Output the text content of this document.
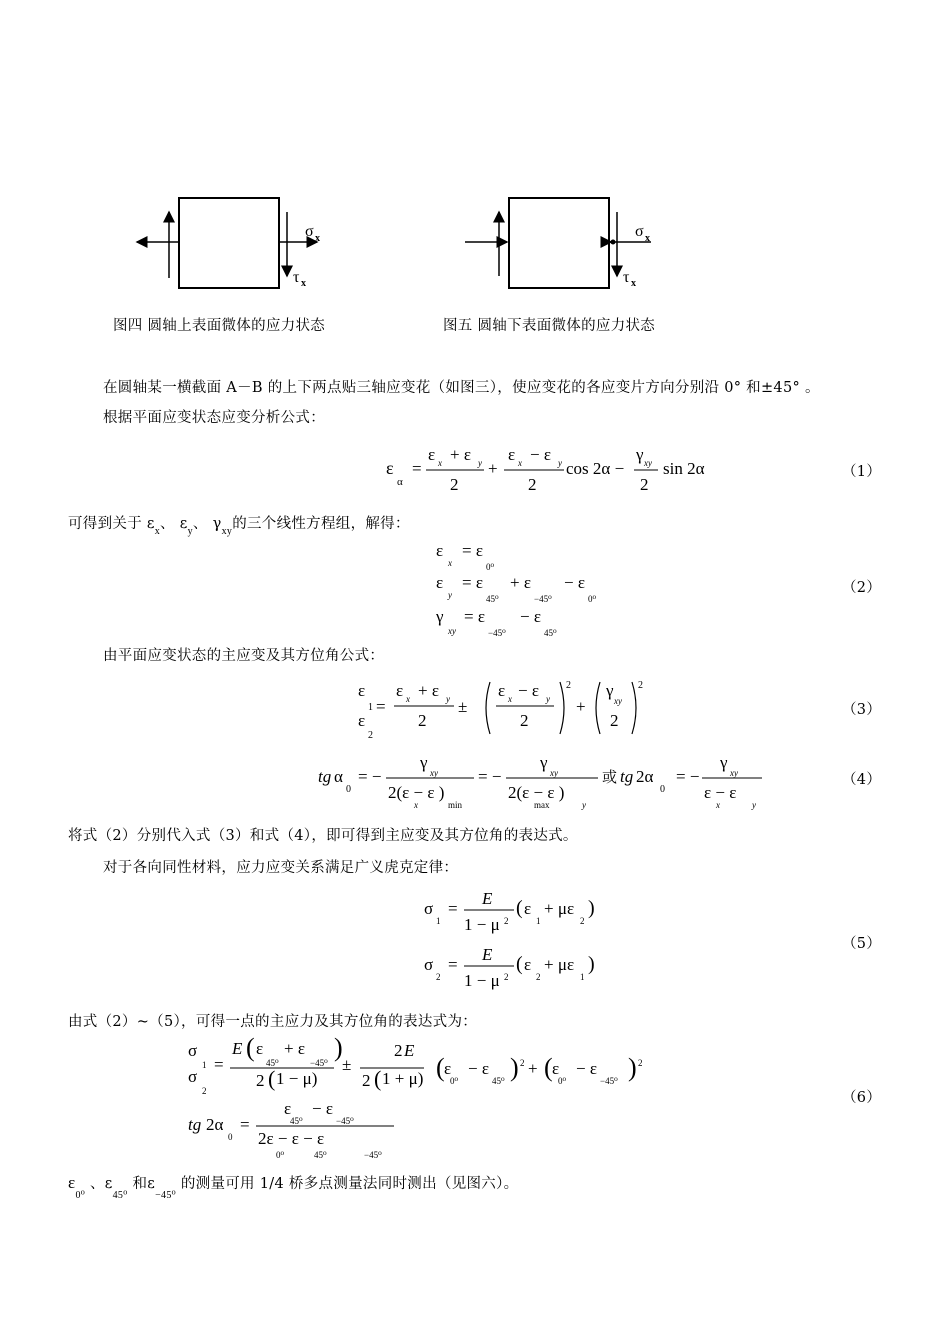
σ x
τ x
图四 圆轴上表面微体的应力状态
σ x
τ x
图五 圆轴下表面微体的应力状态
在圆轴某一横截面 A－B 的上下两点贴三轴应变花（如图三），使应变花的各应变片方向分别沿 0° 和±45° 。
根据平面应变状态应变分析公式：
ε
α
=
ε + ε
x	y
2
+
ε − ε
x	y
2
cos 2α −
γ xy
2
sin 2α	（1）
可得到关于 $\varepsilon_x$、 $\varepsilon_y$、 $\gamma_{xy}$的三个线性方程组，解得：
ε
x
= ε
0⁰
ε
y
= ε
45⁰
+ ε
−45⁰
− ε
0⁰
γ
xy
= ε
−45⁰
− ε
45⁰
（2）
由平面应变状态的主应变及其方位角公式：
ε
1
ε
2
=
ε + ε
x	y
2
±
ε − ε
x	y
2
2
+
γ
xy
2
2
（3）
tg α
0
= −
γ
xy
2(ε − ε )
x	min
= −
γ
xy
2(ε − ε )
max	y
或 tg 2α
0
= −
γ
xy
ε − ε
x	y
（4）
将式（2）分别代入式（3）和式（4），即可得到主应变及其方位角的表达式。
对于各向同性材料，应力应变关系满足广义虎克定律：
σ
1
=
E
1 − μ 2
( ε
1
+ με
2
)
σ
2
=
E
1 − μ 2
( ε
2
+ με
1
)
（5）
由式（2）~（5），可得一点的主应力及其方位角的表达式为：
σ
1
σ
2
=
E ( ε
45⁰
+ ε
−45⁰
)
2 ( 1 − μ)
±
2 E
2 ( 1 + μ) ( ε
0⁰
− ε
45⁰ ) 2 + ( ε
0⁰
− ε
−45⁰ ) 2
tg 2α
0
=
ε
45⁰
− ε
−45⁰
2ε − ε − ε
0⁰	45⁰	−45⁰
（6）
$\varepsilon_{0^0}$ 、$\varepsilon_{45^0}$ 和$\varepsilon_{-45^0}$ 的测量可用 1/4 桥多点测量法同时测出（见图六）。
